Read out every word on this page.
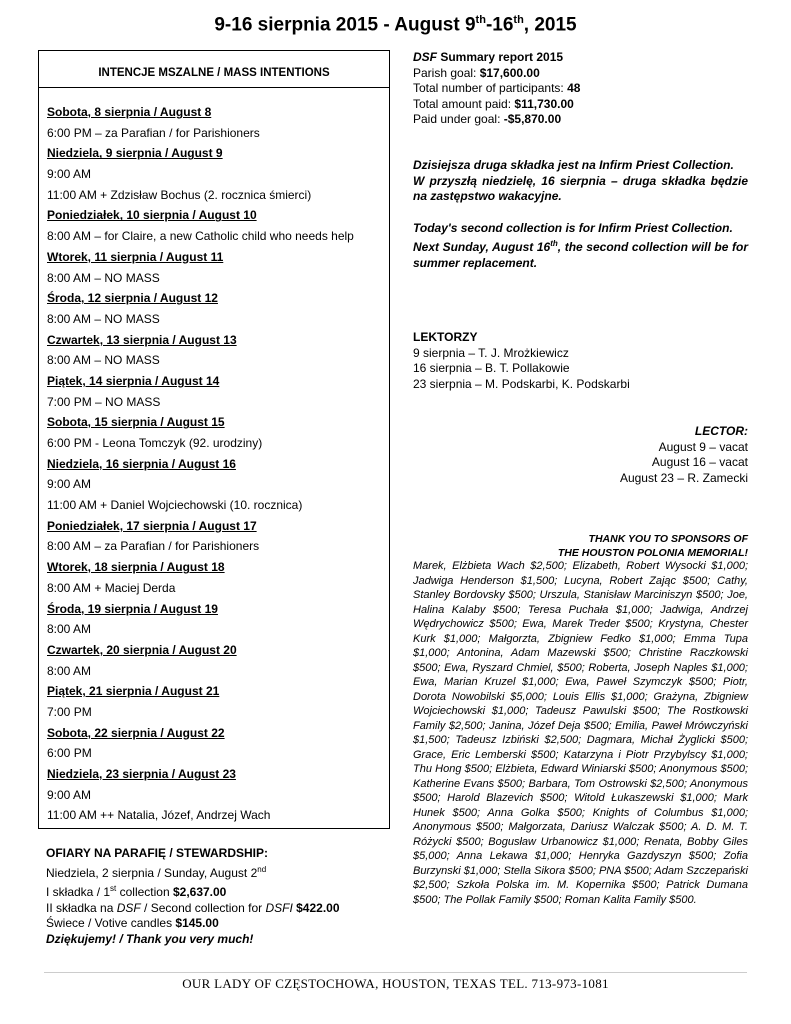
9-16 sierpnia 2015 - August 9th-16th, 2015
INTENCJE MSZALNE / MASS INTENTIONS
Sobota, 8 sierpnia / August 8
6:00 PM – za Parafian / for Parishioners
Niedziela, 9 sierpnia / August 9
9:00 AM
11:00 AM + Zdzisław Bochus (2. rocznica śmierci)
Poniedziałek, 10 sierpnia / August 10
8:00 AM – for Claire, a new Catholic child who needs help
Wtorek, 11 sierpnia / August 11
8:00 AM – NO MASS
Środa, 12 sierpnia / August 12
8:00 AM – NO MASS
Czwartek, 13 sierpnia / August 13
8:00 AM – NO MASS
Piątek, 14 sierpnia / August 14
7:00 PM – NO MASS
Sobota, 15 sierpnia / August 15
6:00 PM - Leona Tomczyk (92. urodziny)
Niedziela, 16 sierpnia / August 16
9:00 AM
11:00 AM + Daniel Wojciechowski (10. rocznica)
Poniedziałek, 17 sierpnia / August 17
8:00 AM – za Parafian / for Parishioners
Wtorek, 18 sierpnia / August 18
8:00 AM + Maciej Derda
Środa, 19 sierpnia / August 19
8:00 AM
Czwartek, 20 sierpnia / August 20
8:00 AM
Piątek, 21 sierpnia / August 21
7:00 PM
Sobota, 22 sierpnia / August 22
6:00 PM
Niedziela, 23 sierpnia / August 23
9:00 AM
11:00 AM ++ Natalia, Józef, Andrzej Wach
OFIARY NA PARAFIĘ / STEWARDSHIP:
Niedziela, 2 sierpnia / Sunday, August 2nd
I składka / 1st collection $2,637.00
II składka na DSF / Second collection for DSFI $422.00
Świece / Votive candles $145.00
Dziękujemy! / Thank you very much!
DSF Summary report 2015
Parish goal: $17,600.00
Total number of participants: 48
Total amount paid: $11,730.00
Paid under goal: -$5,870.00

Dzisiejsza druga składka jest na Infirm Priest Collection.

W przyszłą niedzielę, 16 sierpnia – druga składka będzie na zastępstwo wakacyjne.

Today's second collection is for Infirm Priest Collection.

Next Sunday, August 16th, the second collection will be for summer replacement.

LEKTORZY
9 sierpnia – T. J. Mrożkiewicz
16 sierpnia – B. T. Pollakowie
23 sierpnia – M. Podskarbi, K. Podskarbi
LECTOR:
August 9 – vacat
August 16 – vacat
August 23 – R. Zamecki
THANK YOU TO SPONSORS OF
THE HOUSTON POLONIA MEMORIAL!
Marek, Elżbieta Wach $2,500; Elizabeth, Robert Wysocki $1,000; Jadwiga Henderson $1,500; Lucyna, Robert Zając $500; Cathy, Stanley Bordovsky $500; Urszula, Stanisław Marciniszyn $500; Joe, Halina Kalaby $500; Teresa Puchała $1,000; Jadwiga, Andrzej Wędrychowicz $500; Ewa, Marek Treder $500; Krystyna, Chester Kurk $1,000; Małgorzta, Zbigniew Fedko $1,000; Emma Tupa $1,000; Antonina, Adam Mazewski $500; Christine Raczkowski $500; Ewa, Ryszard Chmiel, $500; Roberta, Joseph Naples $1,000; Ewa, Marian Kruzel $1,000; Ewa, Paweł Szymczyk $500; Piotr, Dorota Nowobilski $5,000; Louis Ellis $1,000; Grażyna, Zbigniew Wojciechowski $1,000; Tadeusz Pawulski $500; The Rostkowski Family $2,500; Janina, Józef Deja $500; Emilia, Paweł Mrówczyński $1,500; Tadeusz Izbiński $2,500; Dagmara, Michał Żyglicki $500; Grace, Eric Lemberski $500; Katarzyna i Piotr Przybylscy $1,000; Thu Hong $500; Elżbieta, Edward Winiarski $500; Anonymous $500; Katherine Evans $500; Barbara, Tom Ostrowski $2,500; Anonymous $500; Harold Blazevich $500; Witold Łukaszewski $1,000; Mark Hunek $500; Anna Golka $500; Knights of Columbus $1,000; Anonymous $500; Małgorzata, Dariusz Walczak $500; A. D. M. T. Różycki $500; Bogusław Urbanowicz $1,000; Renata, Bobby Giles $5,000; Anna Lekawa $1,000; Henryka Gazdyszyn $500; Zofia Burzynski $1,000; Stella Sikora $500; PNA $500; Adam Szczepański $2,500; Szkoła Polska im. M. Kopernika $500; Patrick Dumana $500; The Pollak Family $500; Roman Kalita Family $500.
OUR LADY OF CZĘSTOCHOWA, HOUSTON, TEXAS TEL. 713-973-1081
